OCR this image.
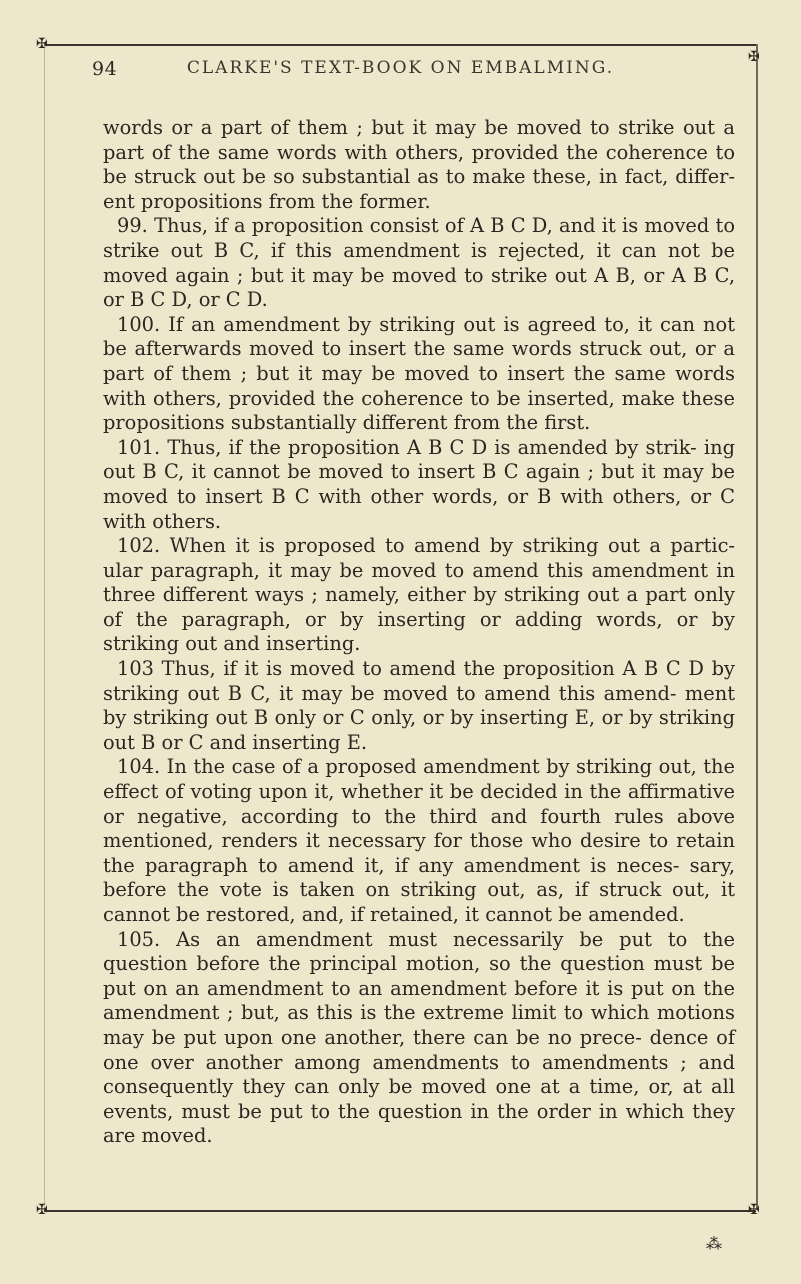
✠
✠
✠	✠
94	CLARKE'S TEXT-BOOK ON EMBALMING.

words or a part of them ; but it may be moved to strike out a part of the same words with others, provided the coherence to be struck out be so substantial as to make these, in fact, differ- ent propositions from the former.

99. Thus, if a proposition consist of A B C D, and it is moved to strike out B C, if this amendment is rejected, it can not be moved again ; but it may be moved to strike out A B, or A B C, or B C D, or C D.

100. If an amendment by striking out is agreed to, it can not be afterwards moved to insert the same words struck out, or a part of them ; but it may be moved to insert the same words with others, provided the coherence to be inserted, make these propositions substantially different from the first.

101. Thus, if the proposition A B C D is amended by strik- ing out B C, it cannot be moved to insert B C again ; but it may be moved to insert B C with other words, or B with others, or C with others.

102. When it is proposed to amend by striking out a partic- ular paragraph, it may be moved to amend this amendment in three different ways ; namely, either by striking out a part only of the paragraph, or by inserting or adding words, or by striking out and inserting.

103 Thus, if it is moved to amend the proposition A B C D by striking out B C, it may be moved to amend this amend- ment by striking out B only or C only, or by inserting E, or by striking out B or C and inserting E.

104. In the case of a proposed amendment by striking out, the effect of voting upon it, whether it be decided in the affirmative or negative, according to the third and fourth rules above mentioned, renders it necessary for those who desire to retain the paragraph to amend it, if any amendment is neces- sary, before the vote is taken on striking out, as, if struck out, it cannot be restored, and, if retained, it cannot be amended.

105. As an amendment must necessarily be put to the question before the principal motion, so the question must be put on an amendment to an amendment before it is put on the amendment ; but, as this is the extreme limit to which motions may be put upon one another, there can be no prece- dence of one over another among amendments to amendments ; and consequently they can only be moved one at a time, or, at all events, must be put to the question in the order in which they are moved.

⁂
